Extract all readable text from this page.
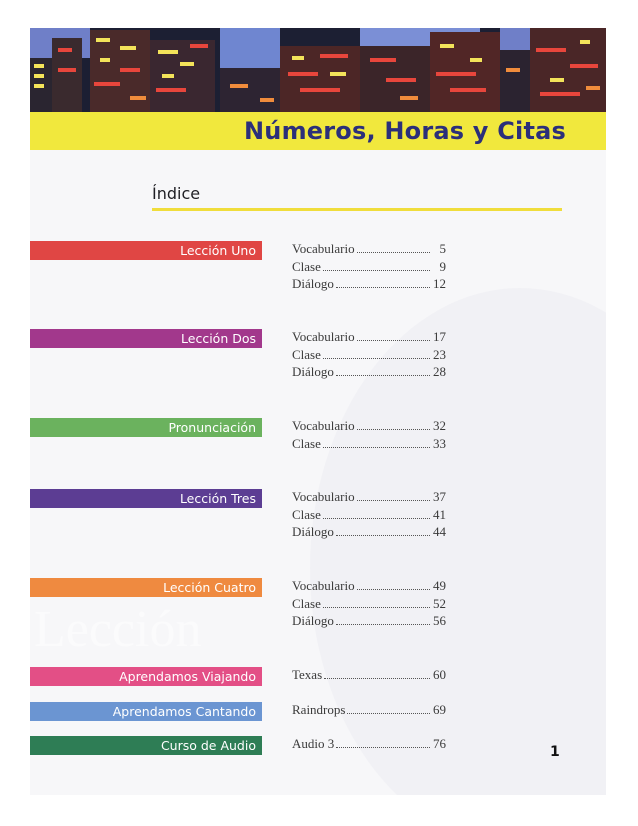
Números, Horas y Citas
Índice
Lección
Lección Uno	Vocabulario	5
Clase	9
Diálogo	12
Lección Dos	Vocabulario	17
Clase	23
Diálogo	28
Pronunciación	Vocabulario	32
Clase	33
Lección Tres	Vocabulario	37
Clase	41
Diálogo	44
Lección Cuatro	Vocabulario	49
Clase	52
Diálogo	56
Aprendamos Viajando	Texas	60
Aprendamos Cantando	Raindrops	69
Curso de Audio	Audio 3	76
1
